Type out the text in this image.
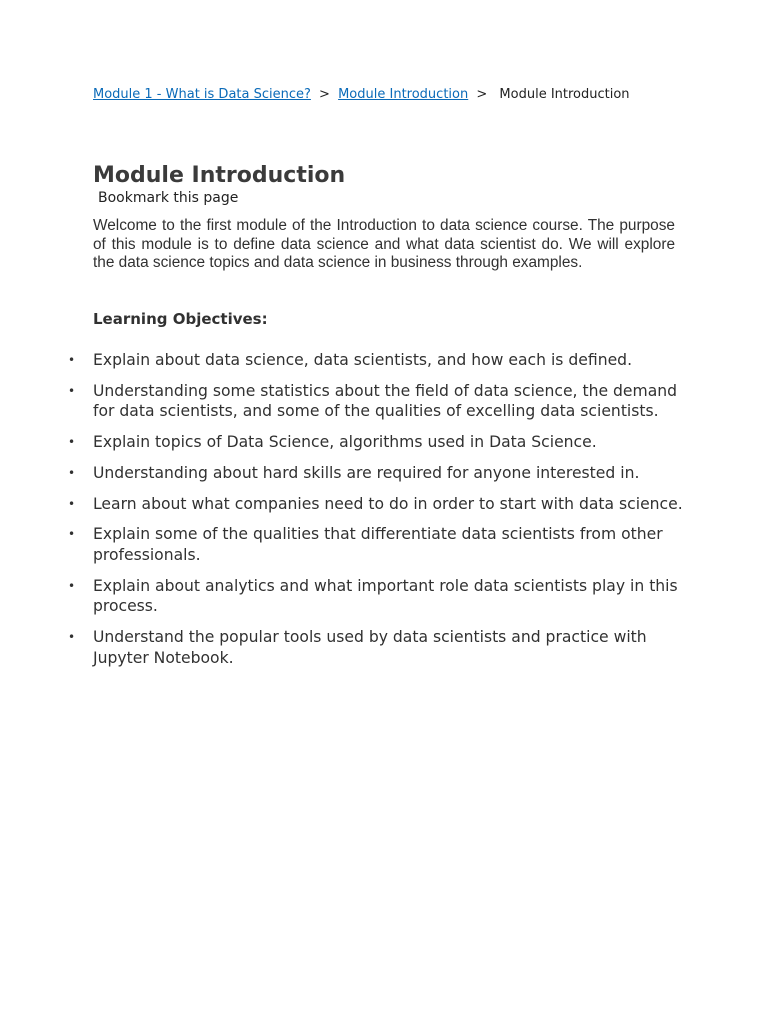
Module 1 - What is Data Science? > Module Introduction > Module Introduction
Module Introduction
Bookmark this page

Welcome to the first module of the Introduction to data science course. The purpose of this module is to define data science and what data scientist do. We will explore the data science topics and data science in business through examples.

Learning Objectives:
• Explain about data science, data scientists, and how each is defined.
• Understanding some statistics about the field of data science, the demand for data scientists, and some of the qualities of excelling data scientists.
• Explain topics of Data Science, algorithms used in Data Science.
• Understanding about hard skills are required for anyone interested in.
• Learn about what companies need to do in order to start with data science.
• Explain some of the qualities that differentiate data scientists from other professionals.
• Explain about analytics and what important role data scientists play in this process.
• Understand the popular tools used by data scientists and practice with Jupyter Notebook.
